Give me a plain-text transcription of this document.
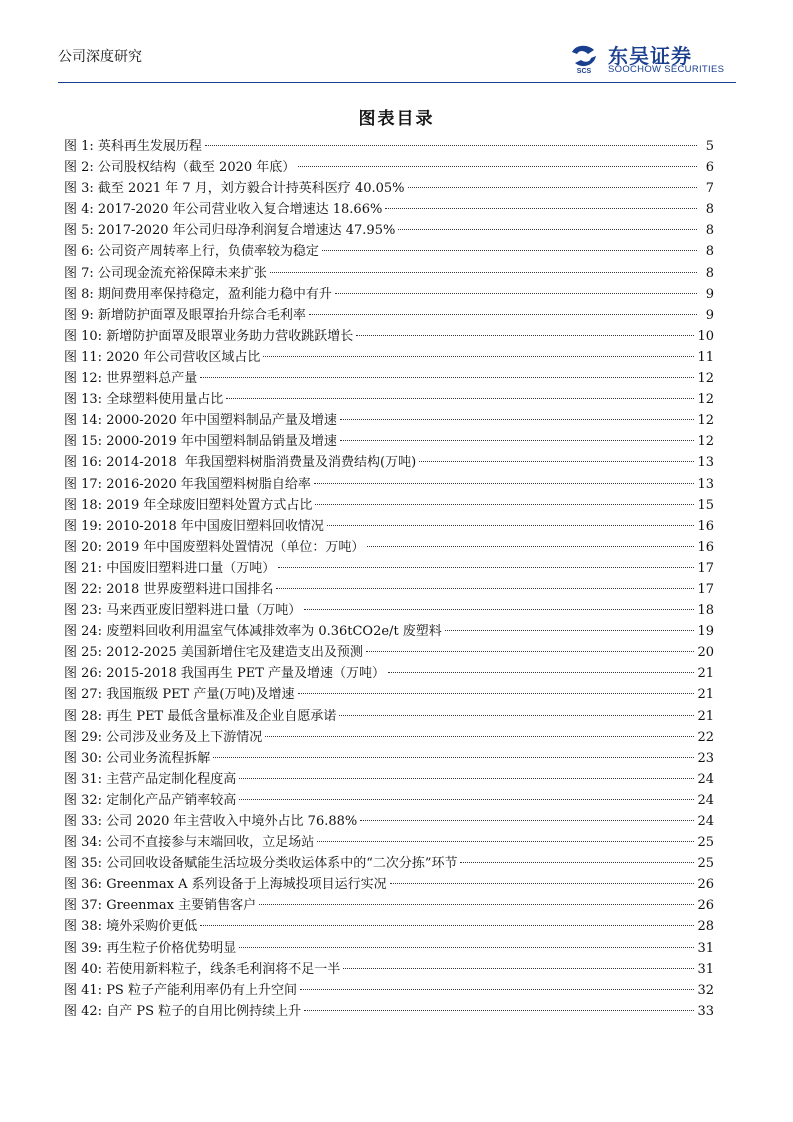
公司深度研究
SCS
东吴证券
SOOCHOW SECURITIES
图表目录
图 1: 英科再生发展历程	5
图 2: 公司股权结构（截至 2020 年底）	6
图 3: 截至 2021 年 7 月，刘方毅合计持英科医疗 40.05%	7
图 4: 2017-2020 年公司营业收入复合增速达 18.66%	8
图 5: 2017-2020 年公司归母净利润复合增速达 47.95%	8
图 6: 公司资产周转率上行，负债率较为稳定	8
图 7: 公司现金流充裕保障未来扩张	8
图 8: 期间费用率保持稳定，盈利能力稳中有升	9
图 9: 新增防护面罩及眼罩抬升综合毛利率	9
图 10: 新增防护面罩及眼罩业务助力营收跳跃增长	10
图 11: 2020 年公司营收区域占比	11
图 12: 世界塑料总产量	12
图 13: 全球塑料使用量占比	12
图 14: 2000-2020 年中国塑料制品产量及增速	12
图 15: 2000-2019 年中国塑料制品销量及增速	12
图 16: 2014-2018  年我国塑料树脂消费量及消费结构(万吨)	13
图 17: 2016-2020 年我国塑料树脂自给率	13
图 18: 2019 年全球废旧塑料处置方式占比	15
图 19: 2010-2018 年中国废旧塑料回收情况	16
图 20: 2019 年中国废塑料处置情况（单位：万吨）	16
图 21: 中国废旧塑料进口量（万吨）	17
图 22: 2018 世界废塑料进口国排名	17
图 23: 马来西亚废旧塑料进口量（万吨）	18
图 24: 废塑料回收利用温室气体减排效率为 0.36tCO2e/t 废塑料	19
图 25: 2012-2025 美国新增住宅及建造支出及预测	20
图 26: 2015-2018 我国再生 PET 产量及增速（万吨）	21
图 27: 我国瓶级 PET 产量(万吨)及增速	21
图 28: 再生 PET 最低含量标准及企业自愿承诺	21
图 29: 公司涉及业务及上下游情况	22
图 30: 公司业务流程拆解	23
图 31: 主营产品定制化程度高	24
图 32: 定制化产品产销率较高	24
图 33: 公司 2020 年主营收入中境外占比 76.88%	24
图 34: 公司不直接参与末端回收，立足场站	25
图 35: 公司回收设备赋能生活垃圾分类收运体系中的“二次分拣”环节	25
图 36: Greenmax A 系列设备于上海城投项目运行实况	26
图 37: Greenmax 主要销售客户	26
图 38: 境外采购价更低	28
图 39: 再生粒子价格优势明显	31
图 40: 若使用新料粒子，线条毛利润将不足一半	31
图 41: PS 粒子产能利用率仍有上升空间	32
图 42: 自产 PS 粒子的自用比例持续上升	33
